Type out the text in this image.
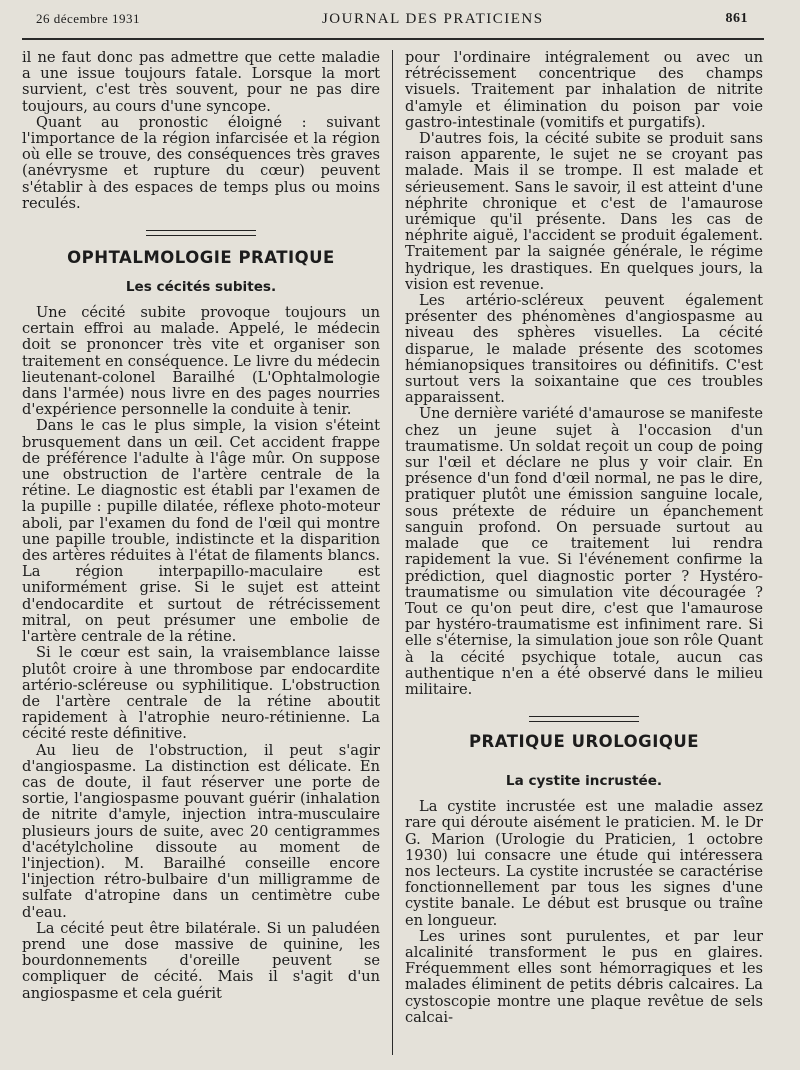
26 décembre 1931	JOURNAL DES PRATICIENS	861

il ne faut donc pas admettre que cette maladie a une issue toujours fatale. Lorsque la mort survient, c'est très souvent, pour ne pas dire toujours, au cours d'une syncope.

Quant au pronostic éloigné : suivant l'importance de la région infarcisée et la région où elle se trouve, des conséquences très graves (anévrysme et rupture du cœur) peuvent s'établir à des espaces de temps plus ou moins reculés.

OPHTALMOLOGIE PRATIQUE
Les cécités subites.

Une cécité subite provoque toujours un certain effroi au malade. Appelé, le médecin doit se prononcer très vite et organiser son traitement en conséquence. Le livre du médecin lieutenant-colonel Barailhé (L'Ophtalmologie dans l'armée) nous livre en des pages nourries d'expérience personnelle la conduite à tenir.

Dans le cas le plus simple, la vision s'éteint brusquement dans un œil. Cet accident frappe de préférence l'adulte à l'âge mûr. On suppose une obstruction de l'artère centrale de la rétine. Le diagnostic est établi par l'examen de la pupille : pupille dilatée, réflexe photo-moteur aboli, par l'examen du fond de l'œil qui montre une papille trouble, indistincte et la disparition des artères réduites à l'état de filaments blancs. La région interpapillo-maculaire est uniformément grise. Si le sujet est atteint d'endocardite et surtout de rétrécissement mitral, on peut présumer une embolie de l'artère centrale de la rétine.

Si le cœur est sain, la vraisemblance laisse plutôt croire à une thrombose par endocardite artério-scléreuse ou syphilitique. L'obstruction de l'artère centrale de la rétine aboutit rapidement à l'atrophie neuro-rétinienne. La cécité reste définitive.

Au lieu de l'obstruction, il peut s'agir d'angiospasme. La distinction est délicate. En cas de doute, il faut réserver une porte de sortie, l'angiospasme pouvant guérir (inhalation de nitrite d'amyle, injection intra-musculaire plusieurs jours de suite, avec 20 centigrammes d'acétylcholine dissoute au moment de l'injection). M. Barailhé conseille encore l'injection rétro-bulbaire d'un milligramme de sulfate d'atropine dans un centimètre cube d'eau.

La cécité peut être bilatérale. Si un paludéen prend une dose massive de quinine, les bourdonnements d'oreille peuvent se compliquer de cécité. Mais il s'agit d'un angiospasme et cela guérit

pour l'ordinaire intégralement ou avec un rétrécissement concentrique des champs visuels. Traitement par inhalation de nitrite d'amyle et élimination du poison par voie gastro-intestinale (vomitifs et purgatifs).

D'autres fois, la cécité subite se produit sans raison apparente, le sujet ne se croyant pas malade. Mais il se trompe. Il est malade et sérieusement. Sans le savoir, il est atteint d'une néphrite chronique et c'est de l'amaurose urémique qu'il présente. Dans les cas de néphrite aiguë, l'accident se produit également. Traitement par la saignée générale, le régime hydrique, les drastiques. En quelques jours, la vision est revenue.

Les artério-scléreux peuvent également présenter des phénomènes d'angiospasme au niveau des sphères visuelles. La cécité disparue, le malade présente des scotomes hémianopsiques transitoires ou définitifs. C'est surtout vers la soixantaine que ces troubles apparaissent.

Une dernière variété d'amaurose se manifeste chez un jeune sujet à l'occasion d'un traumatisme. Un soldat reçoit un coup de poing sur l'œil et déclare ne plus y voir clair. En présence d'un fond d'œil normal, ne pas le dire, pratiquer plutôt une émission sanguine locale, sous prétexte de réduire un épanchement sanguin profond. On persuade surtout au malade que ce traitement lui rendra rapidement la vue. Si l'événement confirme la prédiction, quel diagnostic porter ? Hystéro-traumatisme ou simulation vite découragée ? Tout ce qu'on peut dire, c'est que l'amaurose par hystéro-traumatisme est infiniment rare. Si elle s'éternise, la simulation joue son rôle Quant à la cécité psychique totale, aucun cas authentique n'en a été observé dans le milieu militaire.

PRATIQUE UROLOGIQUE
La cystite incrustée.

La cystite incrustée est une maladie assez rare qui déroute aisément le praticien. M. le Dr G. Marion (Urologie du Praticien, 1 octobre 1930) lui consacre une étude qui intéressera nos lecteurs. La cystite incrustée se caractérise fonctionnellement par tous les signes d'une cystite banale. Le début est brusque ou traîne en longueur.

Les urines sont purulentes, et par leur alcalinité transforment le pus en glaires. Fréquemment elles sont hémorragiques et les malades éliminent de petits débris calcaires. La cystoscopie montre une plaque revêtue de sels calcai-
